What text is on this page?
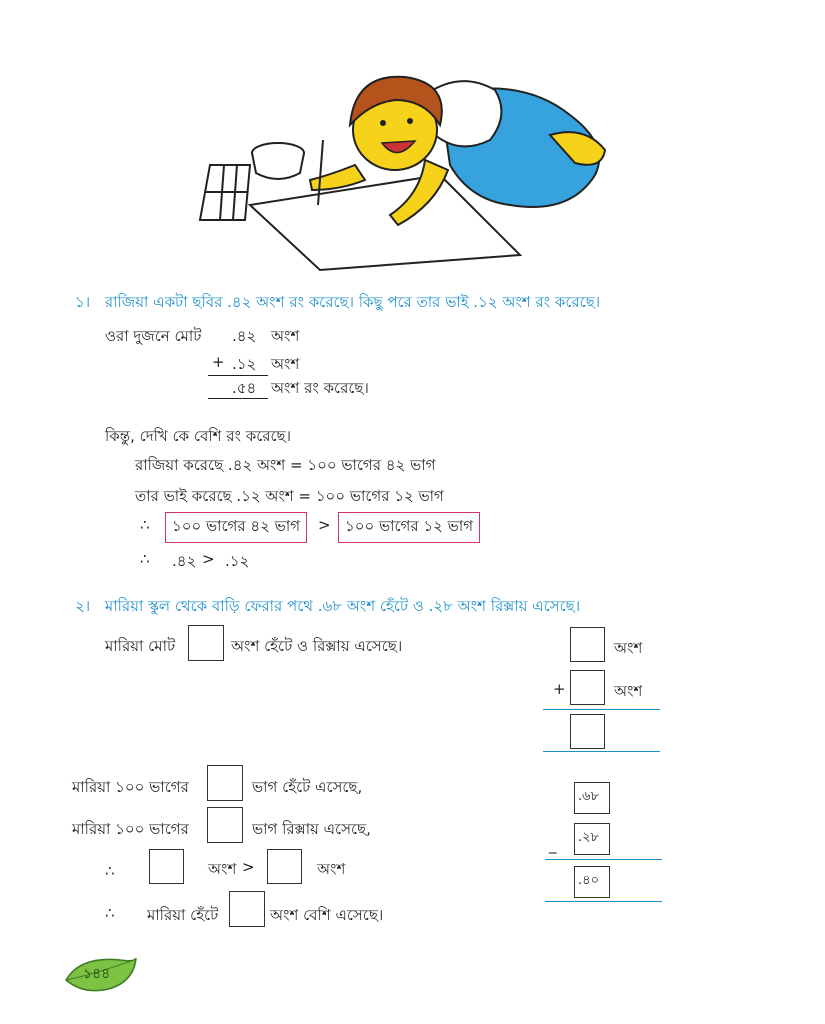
১। রাজিয়া একটা ছবির .৪২ অংশ রং করেছে। কিছু পরে তার ভাই .১২ অংশ রং করেছে।
ওরা দুজনে মোট .৪২ অংশ
+ .১২ অংশ
.৫৪ অংশ রং করেছে।
কিন্তু, দেখি কে বেশি রং করেছে।
রাজিয়া করেছে .৪২ অংশ = ১০০ ভাগের ৪২ ভাগ
তার ভাই করেছে .১২ অংশ = ১০০ ভাগের ১২ ভাগ
∴	১০০ ভাগের ৪২ ভাগ	> ১০০ ভাগের ১২ ভাগ
∴ .৪২ > .১২
২। মারিয়া স্কুল থেকে বাড়ি ফেরার পথে .৬৮ অংশ হেঁটে ও .২৮ অংশ রিক্সায় এসেছে।
মারিয়া মোট	অংশ হেঁটে ও রিক্সায় এসেছে।	অংশ
+	অংশ
মারিয়া ১০০ ভাগের	ভাগ হেঁটে এসেছে,
মারিয়া ১০০ ভাগের	ভাগ রিক্সায় এসেছে,
∴	অংশ >	অংশ
∴ মারিয়া হেঁটে	অংশ বেশি এসেছে।
.৬৮
_	.২৮
.৪০
১৪৪
